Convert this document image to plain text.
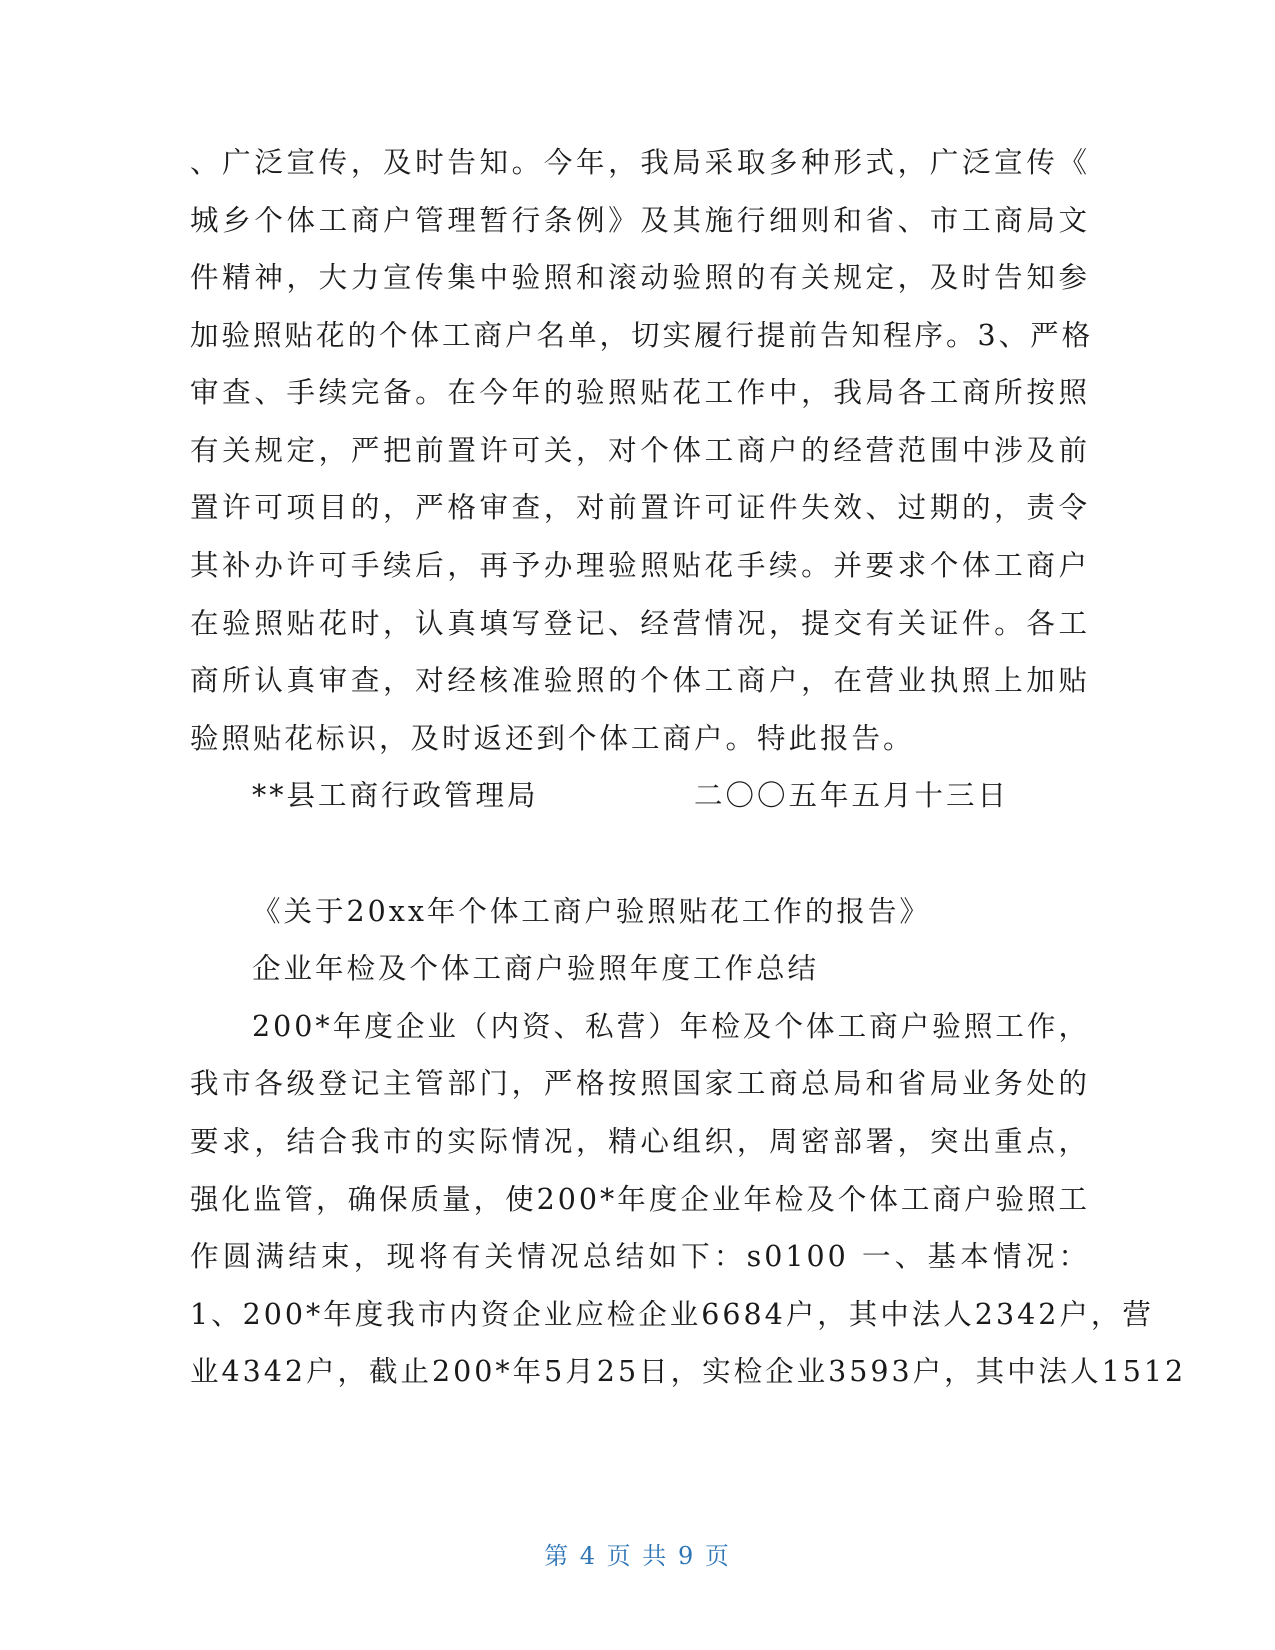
、广泛宣传，及时告知。今年，我局采取多种形式，广泛宣传《
城乡个体工商户管理暂行条例》及其施行细则和省、市工商局文
件精神，大力宣传集中验照和滚动验照的有关规定，及时告知参
加验照贴花的个体工商户名单，切实履行提前告知程序。3、严格
审查、手续完备。在今年的验照贴花工作中，我局各工商所按照
有关规定，严把前置许可关，对个体工商户的经营范围中涉及前
置许可项目的，严格审查，对前置许可证件失效、过期的，责令
其补办许可手续后，再予办理验照贴花手续。并要求个体工商户
在验照贴花时，认真填写登记、经营情况，提交有关证件。各工
商所认真审查，对经核准验照的个体工商户，在营业执照上加贴
验照贴花标识，及时返还到个体工商户。特此报告。
**县工商行政管理局	二〇〇五年五月十三日
《关于20xx年个体工商户验照贴花工作的报告》
企业年检及个体工商户验照年度工作总结
200*年度企业（内资、私营）年检及个体工商户验照工作，
我市各级登记主管部门，严格按照国家工商总局和省局业务处的
要求，结合我市的实际情况，精心组织，周密部署，突出重点，
强化监管，确保质量，使200*年度企业年检及个体工商户验照工
作圆满结束，现将有关情况总结如下：s0100 一、基本情况：
1、200*年度我市内资企业应检企业6684户，其中法人2342户，营
业4342户，截止200*年5月25日，实检企业3593户，其中法人1512
第 4 页 共 9 页
